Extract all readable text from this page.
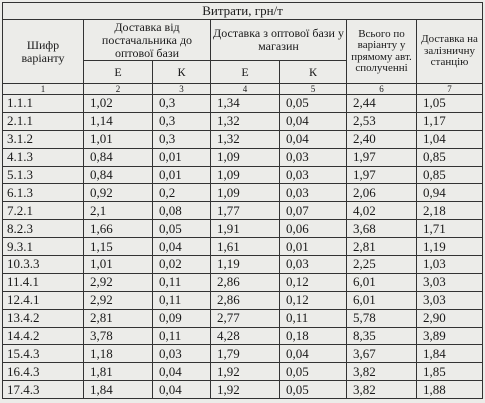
Витрати, грн/т						
Шифр варіанту	Доставка від постачальника до оптової бази		Доставка з оптової бази у магазин		Всього по варіанту у прямому авт. сполученні	Доставка на залізничну станцію
	Е	К	Е	К		
1	2	3	4	5	6	7
1.1.1	1,02	0,3	1,34	0,05	2,44	1,05
2.1.1	1,14	0,3	1,32	0,04	2,53	1,17
3.1.2	1,01	0,3	1,32	0,04	2,40	1,04
4.1.3	0,84	0,01	1,09	0,03	1,97	0,85
5.1.3	0,84	0,01	1,09	0,03	1,97	0,85
6.1.3	0,92	0,2	1,09	0,03	2,06	0,94
7.2.1	2,1	0,08	1,77	0,07	4,02	2,18
8.2.3	1,66	0,05	1,91	0,06	3,68	1,71
9.3.1	1,15	0,04	1,61	0,01	2,81	1,19
10.3.3	1,01	0,02	1,19	0,03	2,25	1,03
11.4.1	2,92	0,11	2,86	0,12	6,01	3,03
12.4.1	2,92	0,11	2,86	0,12	6,01	3,03
13.4.2	2,81	0,09	2,77	0,11	5,78	2,90
14.4.2	3,78	0,11	4,28	0,18	8,35	3,89
15.4.3	1,18	0,03	1,79	0,04	3,67	1,84
16.4.3	1,81	0,04	1,92	0,05	3,82	1,85
17.4.3	1,84	0,04	1,92	0,05	3,82	1,88
